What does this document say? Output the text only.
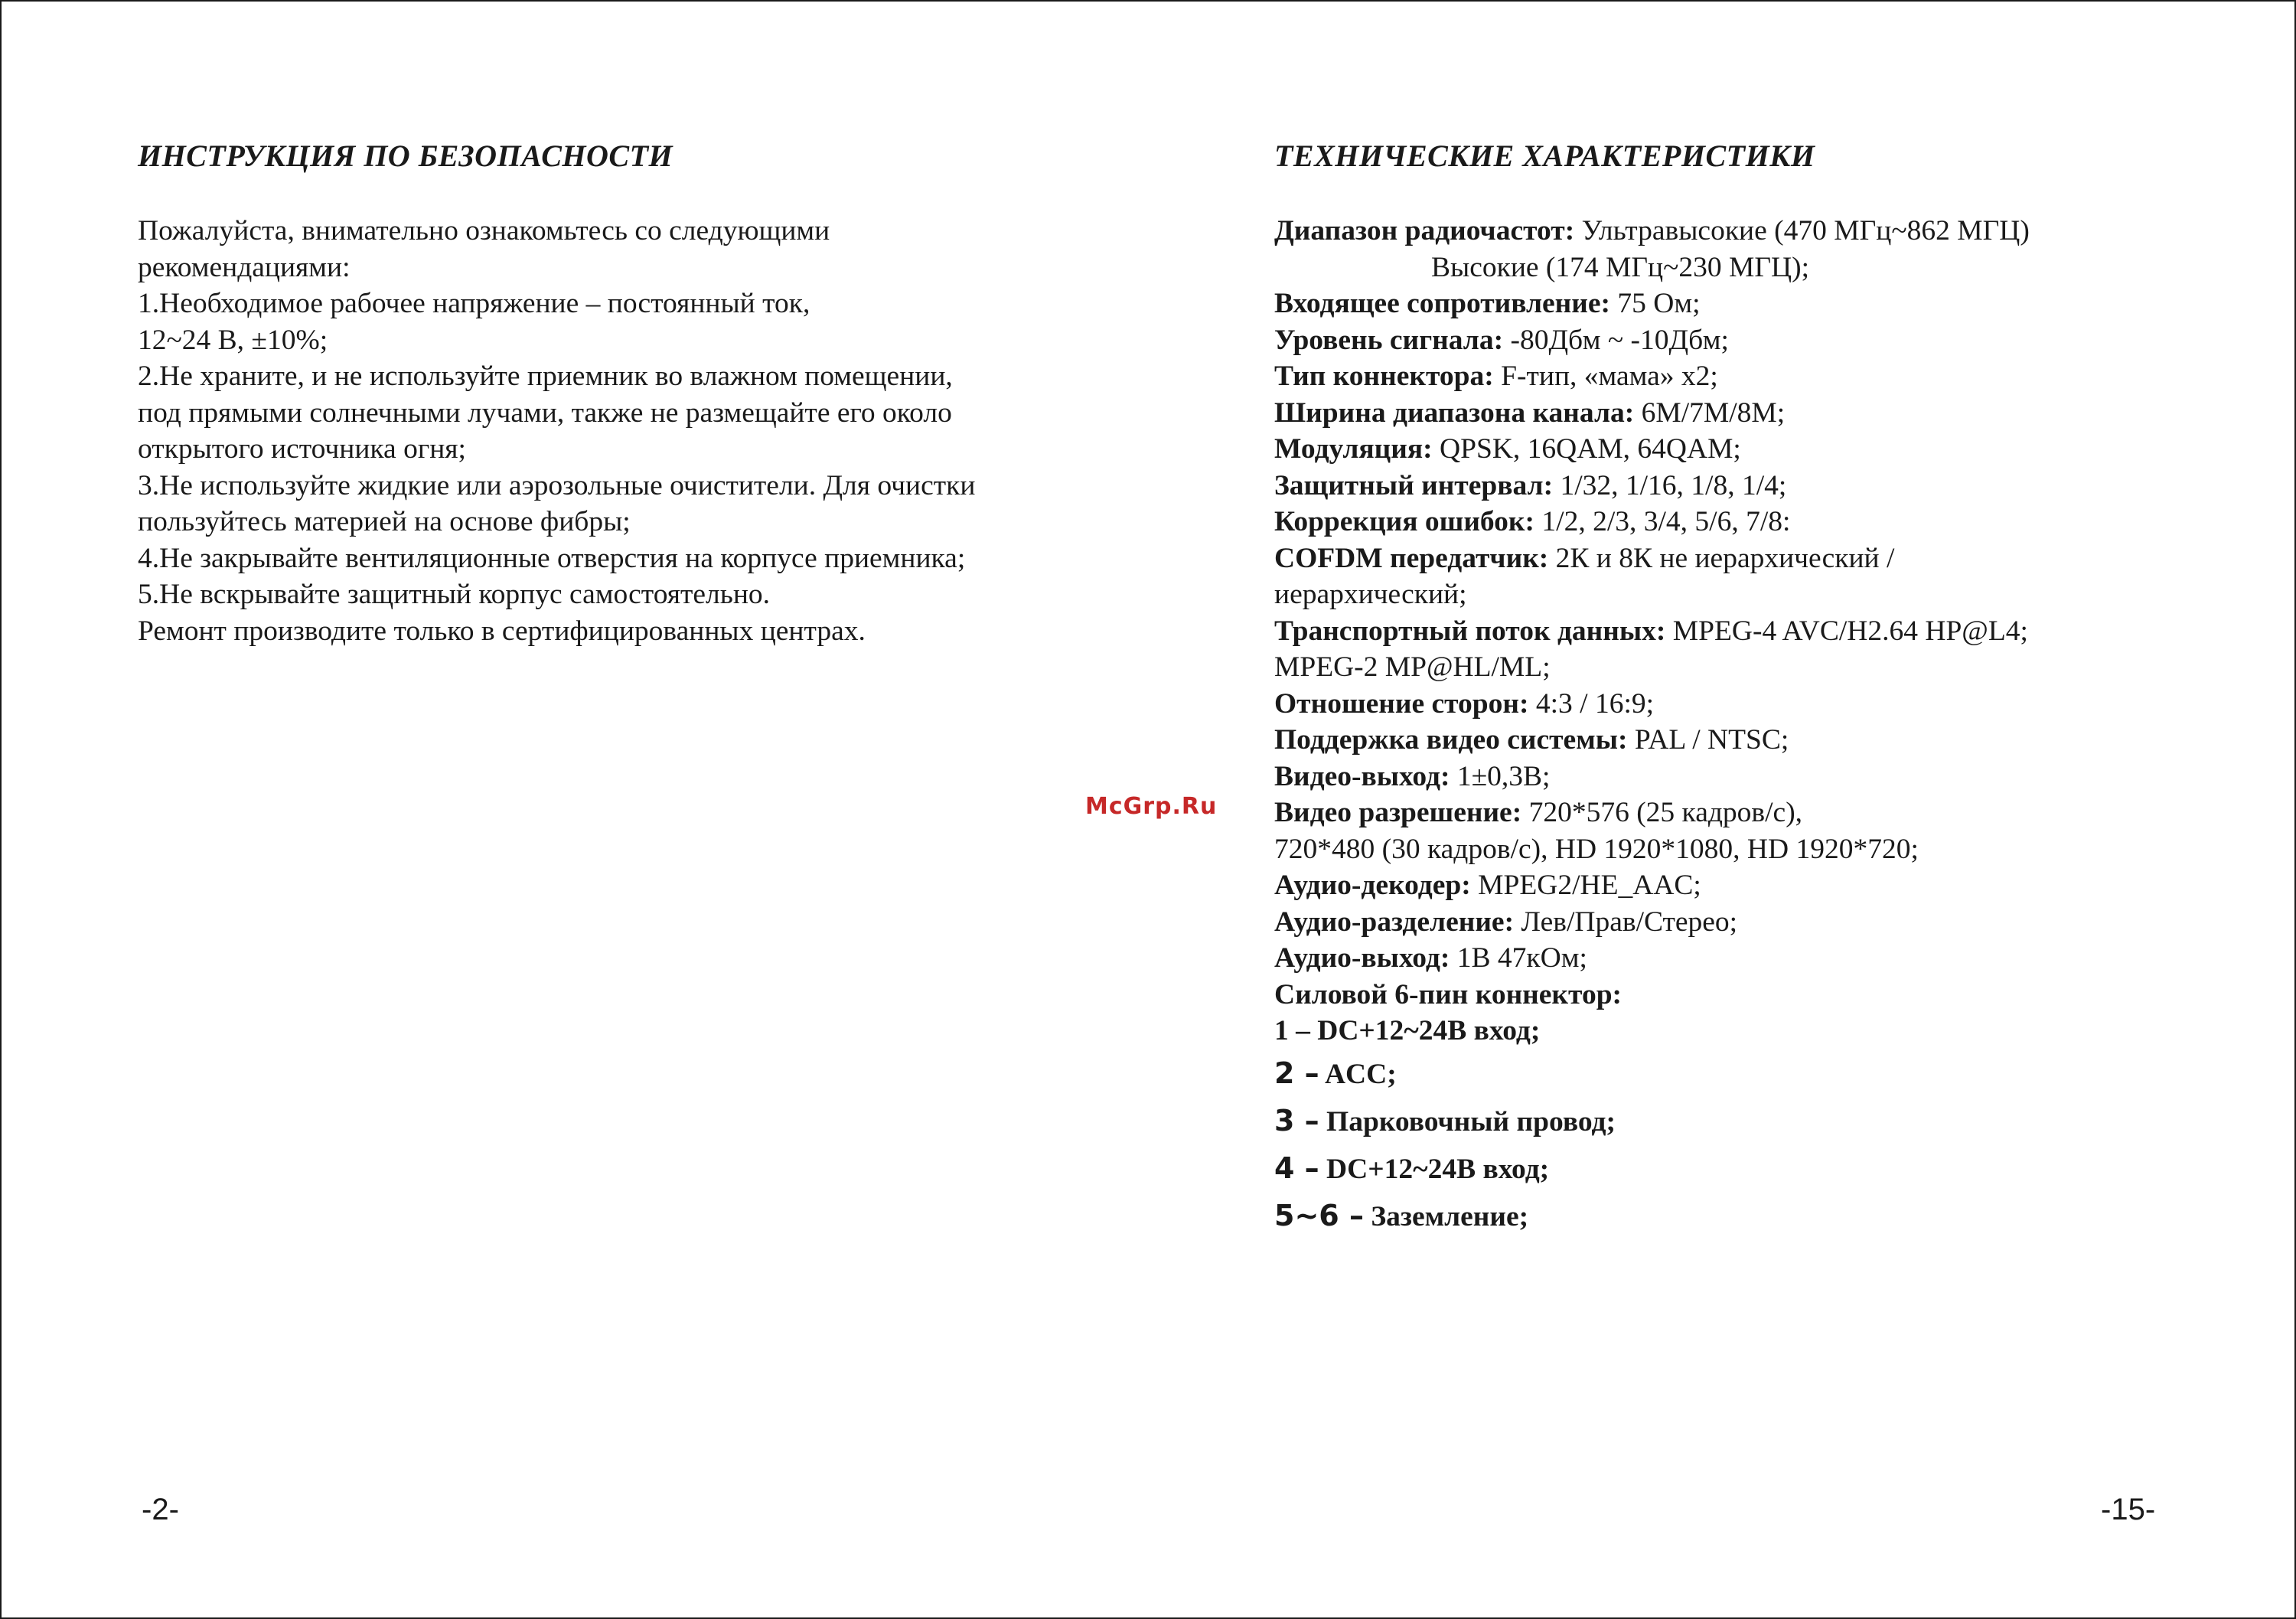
ИНСТРУКЦИЯ ПО БЕЗОПАСНОСТИ
Пожалуйста, внимательно ознакомьтесь со следующими
рекомендациями:
1.Необходимое рабочее напряжение – постоянный ток,
12~24 В, ±10%;
2.Не храните, и не используйте приемник во влажном помещении,
под прямыми солнечными лучами, также не размещайте его около
открытого источника огня;
3.Не используйте жидкие или аэрозольные очистители. Для очистки
пользуйтесь материей на основе фибры;
4.Не закрывайте вентиляционные отверстия на корпусе приемника;
5.Не вскрывайте защитный корпус самостоятельно.
Ремонт производите только в сертифицированных центрах.
-2-
McGrp.Ru
ТЕХНИЧЕСКИЕ ХАРАКТЕРИСТИКИ
Диапазон радиочастот: Ультравысокие (470 МГц~862 МГЦ)
Высокие (174 МГц~230 МГЦ);
Входящее сопротивление: 75 Ом;
Уровень сигнала: -80Дбм ~ -10Дбм;
Тип коннектора: F-тип, «мама» x2;
Ширина диапазона канала: 6M/7M/8M;
Модуляция: QPSK, 16QAM, 64QAM;
Защитный интервал: 1/32, 1/16, 1/8, 1/4;
Коррекция ошибок: 1/2, 2/3, 3/4, 5/6, 7/8:
COFDM передатчик: 2К и 8К не иерархический /
иерархический;
Транспортный поток данных: MPEG-4 AVC/H2.64 HP@L4;
MPEG-2 MP@HL/ML;
Отношение сторон: 4:3 / 16:9;
Поддержка видео системы: PAL / NTSC;
Видео-выход: 1±0,3В;
Видео разрешение: 720*576 (25 кадров/с),
720*480 (30 кадров/с), HD 1920*1080, HD 1920*720;
Аудио-декодер: MPEG2/HE_AAC;
Аудио-разделение: Лев/Прав/Стерео;
Аудио-выход: 1В 47кОм;
Силовой 6-пин коннектор:
1 – DC+12~24В вход;
2 – ACC;
3 – Парковочный провод;
4 – DC+12~24В вход;
5~6 – Заземление;
-15-
